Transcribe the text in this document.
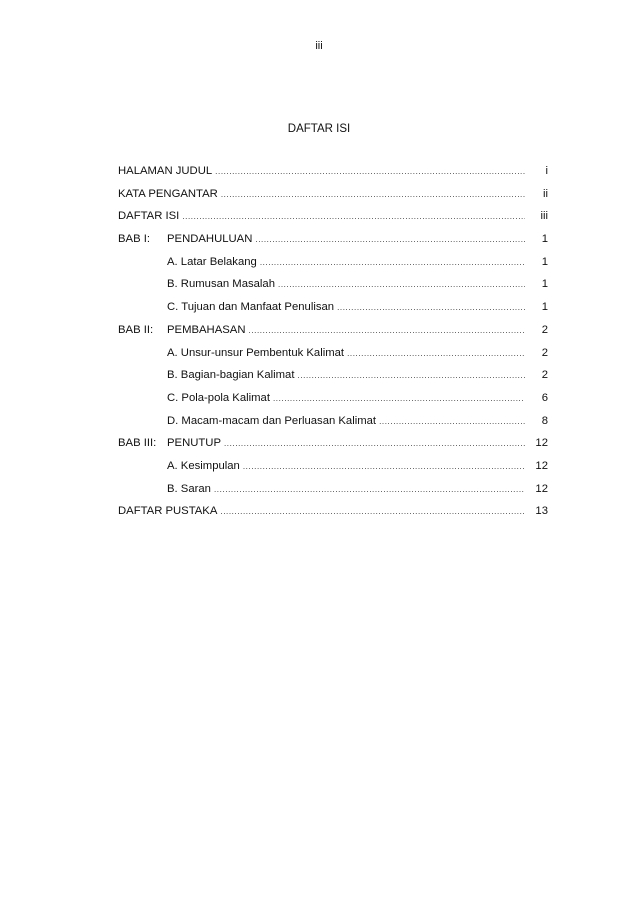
iii
DAFTAR ISI
HALAMAN JUDUL .....	i
KATA PENGANTAR .....	ii
DAFTAR ISI .....	iii
BAB I:	PENDAHULUAN .....	1
A. Latar Belakang .....	1
B. Rumusan Masalah .....	1
C. Tujuan dan Manfaat Penulisan .....	1
BAB II:	PEMBAHASAN .....	2
A. Unsur-unsur Pembentuk Kalimat .....	2
B. Bagian-bagian Kalimat .....	2
C. Pola-pola Kalimat .....	6
D. Macam-macam dan Perluasan Kalimat .....	8
BAB III: PENUTUP .....	12
A. Kesimpulan .....	12
B. Saran .....	12
DAFTAR PUSTAKA .....	13
